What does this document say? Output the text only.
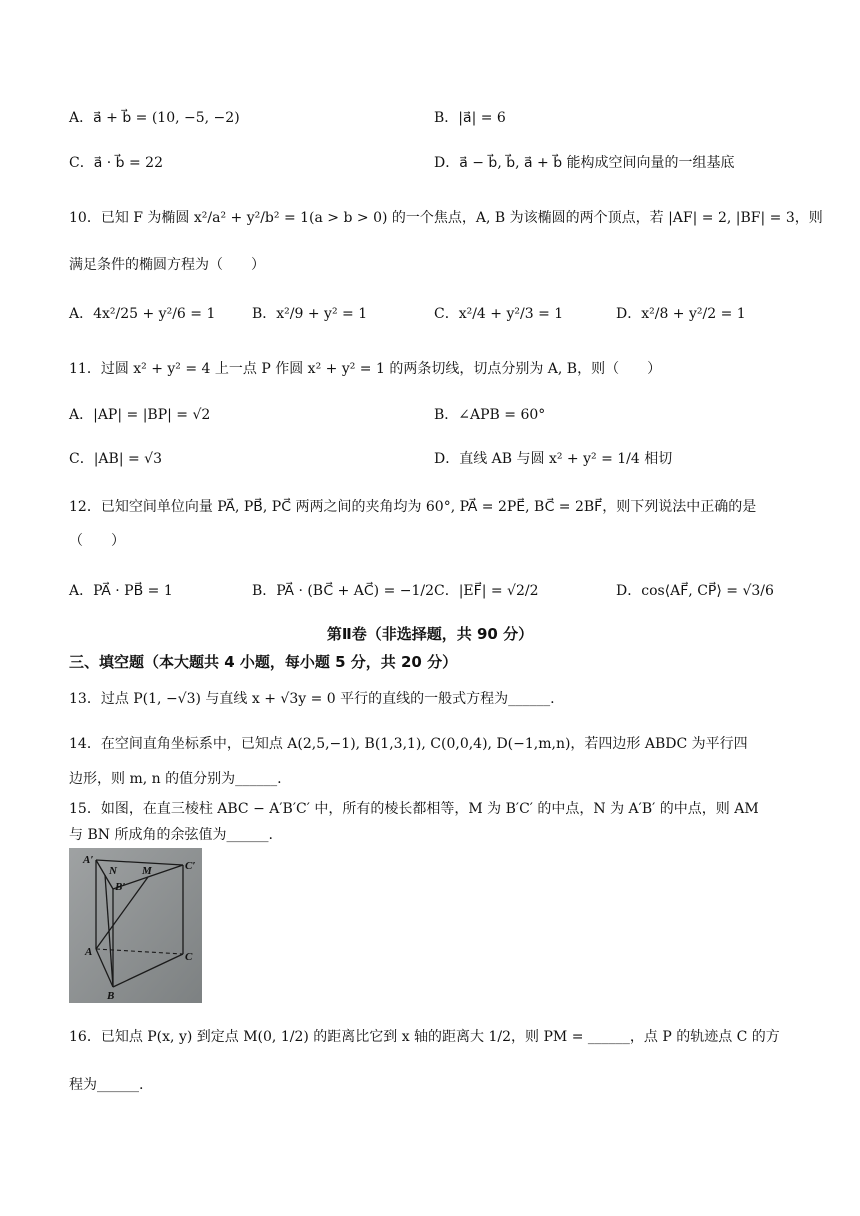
A．a⃗ + b⃗ = (10, −5, −2)	B．|a⃗| = 6
C．a⃗ · b⃗ = 22	D．a⃗ − b⃗, b⃗, a⃗ + b⃗ 能构成空间向量的一组基底
10．已知 F 为椭圆 x²/a² + y²/b² = 1(a > b > 0) 的一个焦点，A, B 为该椭圆的两个顶点，若 |AF| = 2, |BF| = 3，则
满足条件的椭圆方程为（　　）
A．4x²/25 + y²/6 = 1	B．x²/9 + y² = 1	C．x²/4 + y²/3 = 1	D．x²/8 + y²/2 = 1
11．过圆 x² + y² = 4 上一点 P 作圆 x² + y² = 1 的两条切线，切点分别为 A, B，则（　　）
A．|AP| = |BP| = √2	B．∠APB = 60°
C．|AB| = √3	D．直线 AB 与圆 x² + y² = 1/4 相切
12．已知空间单位向量 PA⃗, PB⃗, PC⃗ 两两之间的夹角均为 60°, PA⃗ = 2PE⃗, BC⃗ = 2BF⃗，则下列说法中正确的是
（　　）
A．PA⃗ · PB⃗ = 1	B．PA⃗ · (BC⃗ + AC⃗) = −1/2 C．|EF⃗| = √2/2	D．cos⟨AF⃗, CP⃗⟩ = √3/6
第Ⅱ卷（非选择题，共 90 分）
三、填空题（本大题共 4 小题，每小题 5 分，共 20 分）
13．过点 P(1, −√3) 与直线 x + √3y = 0 平行的直线的一般式方程为______.
14．在空间直角坐标系中，已知点 A(2,5,−1), B(1,3,1), C(0,0,4), D(−1,m,n)，若四边形 ABDC 为平行四
边形，则 m, n 的值分别为______.
15．如图，在直三棱柱 ABC − A′B′C′ 中，所有的棱长都相等，M 为 B′C′ 的中点，N 为 A′B′ 的中点，则 AM
与 BN 所成角的余弦值为______.
A′
N
B′
M	C′
A	C
B
16．已知点 P(x, y) 到定点 M(0, 1/2) 的距离比它到 x 轴的距离大 1/2，则 PM = ______，点 P 的轨迹点 C 的方
程为______.
